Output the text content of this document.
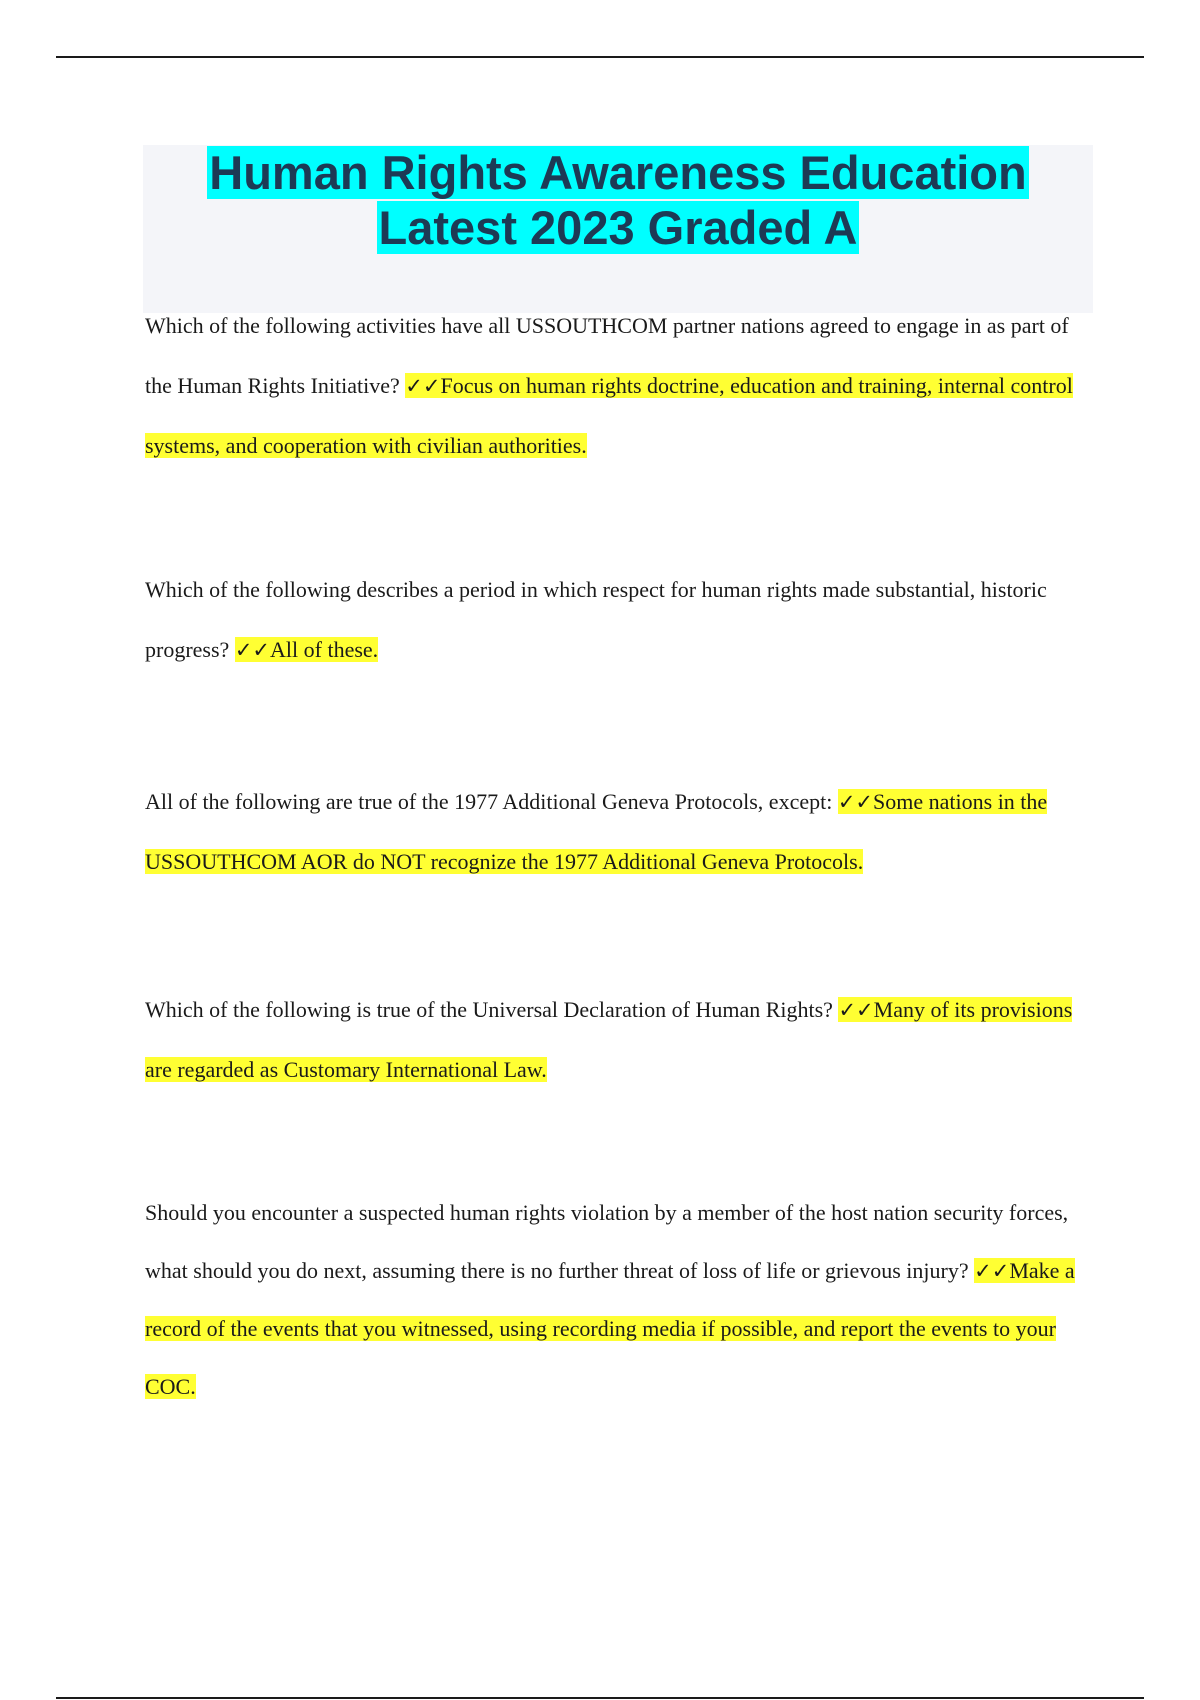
Human Rights Awareness Education
Latest 2023 Graded A
Which of the following activities have all USSOUTHCOM partner nations agreed to engage in as part of the Human Rights Initiative? ✓✓Focus on human rights doctrine, education and training, internal control systems, and cooperation with civilian authorities.
Which of the following describes a period in which respect for human rights made substantial, historic progress? ✓✓All of these.
All of the following are true of the 1977 Additional Geneva Protocols, except: ✓✓Some nations in the USSOUTHCOM AOR do NOT recognize the 1977 Additional Geneva Protocols.
Which of the following is true of the Universal Declaration of Human Rights? ✓✓Many of its provisions are regarded as Customary International Law.
Should you encounter a suspected human rights violation by a member of the host nation security forces, what should you do next, assuming there is no further threat of loss of life or grievous injury? ✓✓Make a record of the events that you witnessed, using recording media if possible, and report the events to your COC.
